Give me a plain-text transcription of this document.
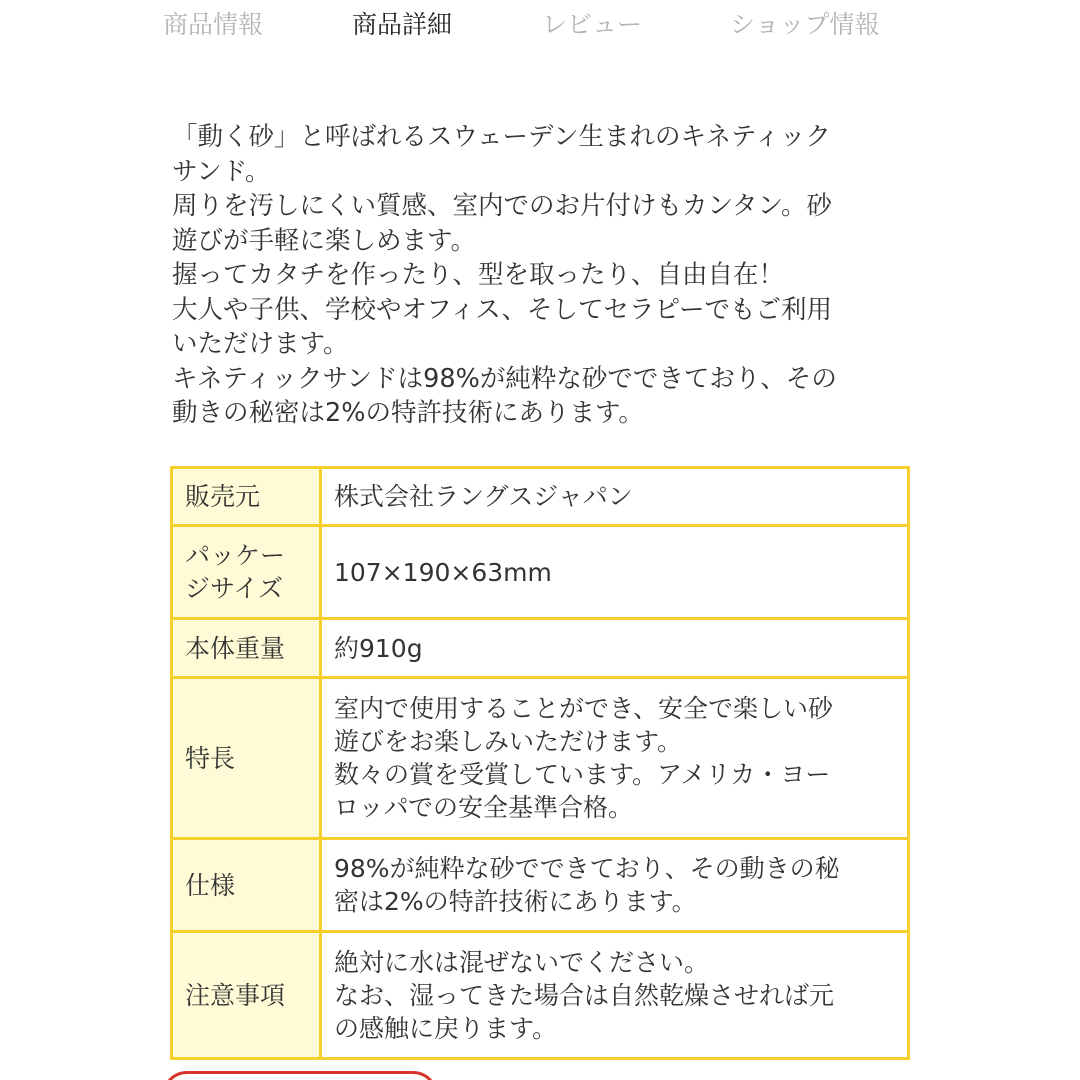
商品情報	商品詳細	レビュー	ショップ情報

「動く砂」と呼ばれるスウェーデン生まれのキネティック

サンド。

周りを汚しにくい質感、室内でのお片付けもカンタン。砂

遊びが手軽に楽しめます。

握ってカタチを作ったり、型を取ったり、自由自在！

大人や子供、学校やオフィス、そしてセラピーでもご利用

いただけます。

キネティックサンドは98%が純粋な砂でできており、その

動きの秘密は2%の特許技術にあります。

販売元	株式会社ラングスジャパン

パッケー
ジサイズ	107×190×63mm

本体重量	約910g

特長	室内で使用することができ、安全で楽しい砂
遊びをお楽しみいただけます。
数々の賞を受賞しています。アメリカ・ヨー
ロッパでの安全基準合格。

仕様	98%が純粋な砂でできており、その動きの秘
密は2%の特許技術にあります。

注意事項	絶対に水は混ぜないでください。
なお、湿ってきた場合は自然乾燥させれば元
の感触に戻ります。
